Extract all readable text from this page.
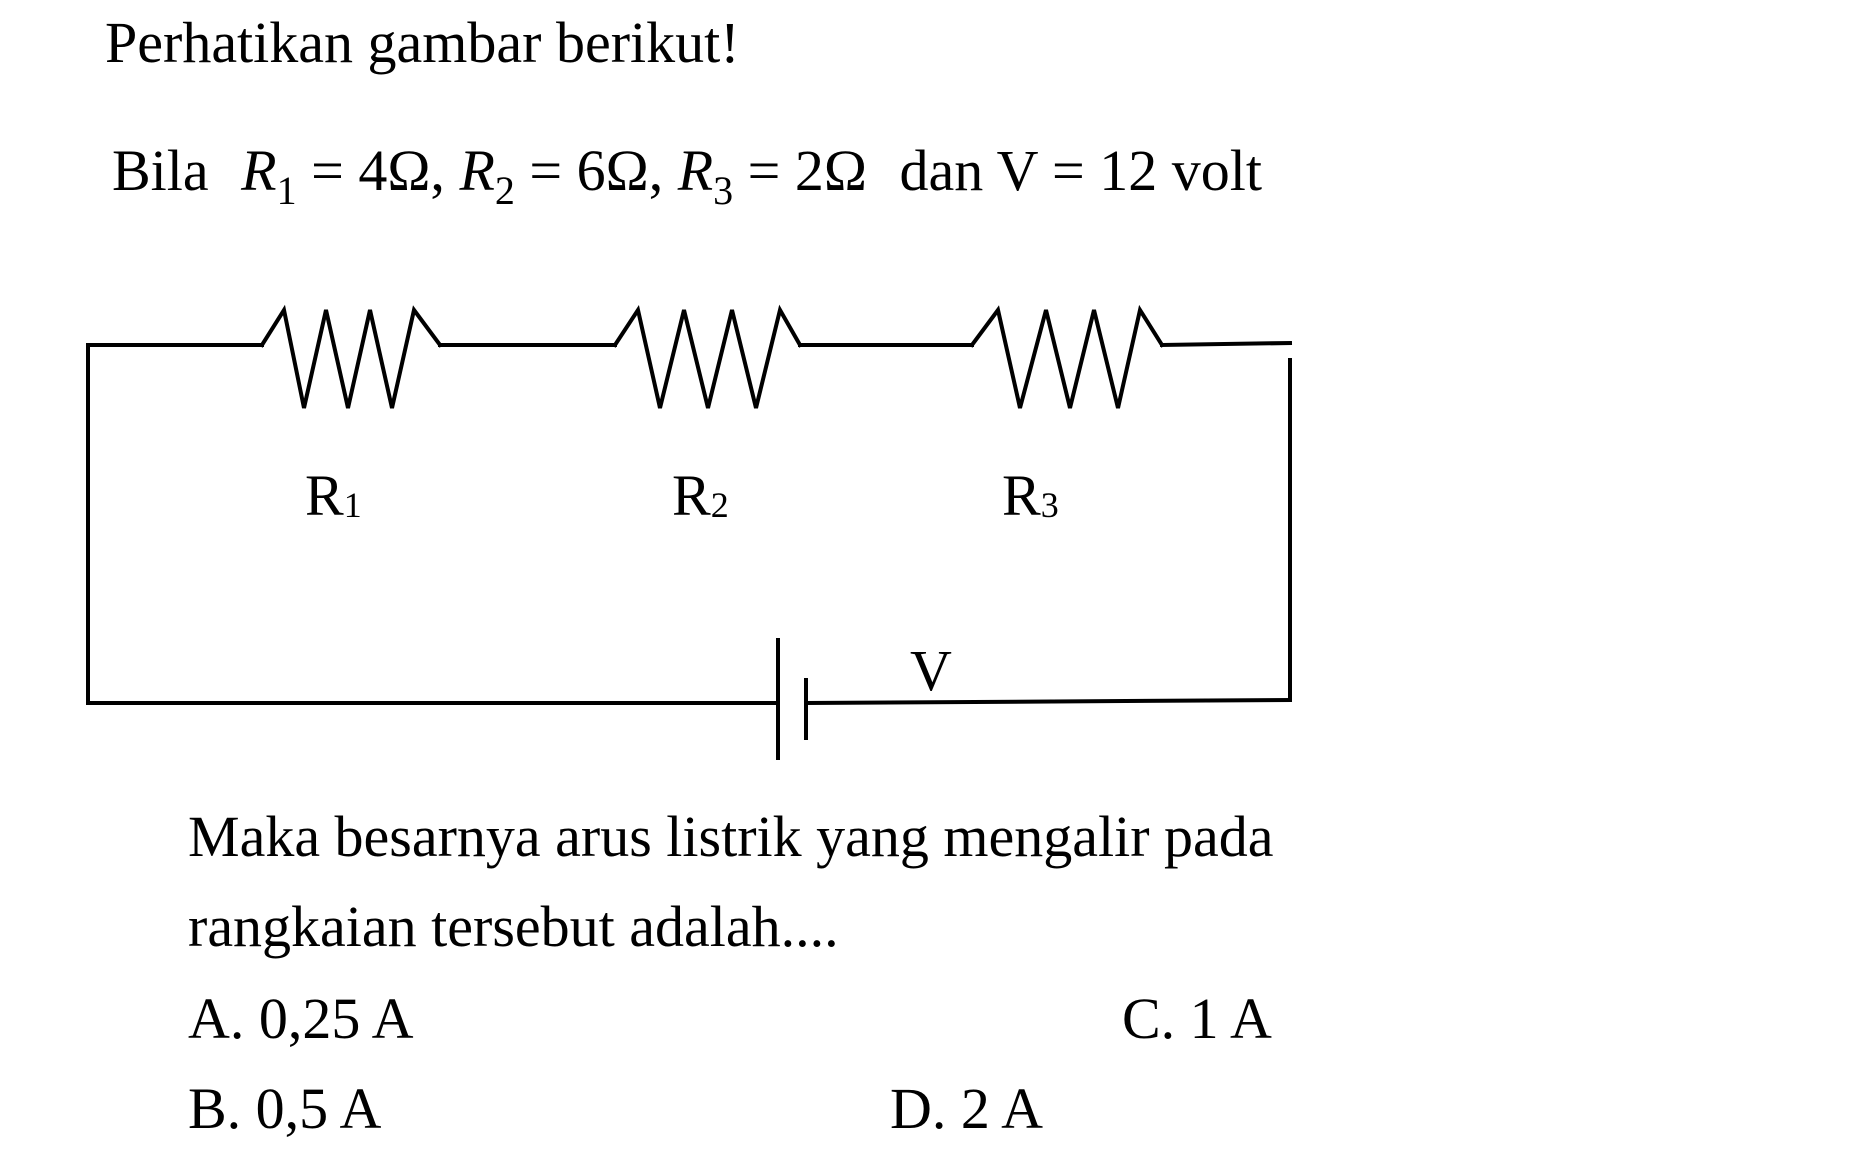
Perhatikan gambar berikut!
Bila $R_1 = 4\Omega$, $R_2 = 6\Omega$, $R_3 = 2\Omega$ dan V = 12 volt
R1	R2	R3
V
Maka besarnya arus listrik yang mengalir pada
rangkaian tersebut adalah....
A. 0,25 A	C. 1 A
B. 0,5 A	D. 2 A
